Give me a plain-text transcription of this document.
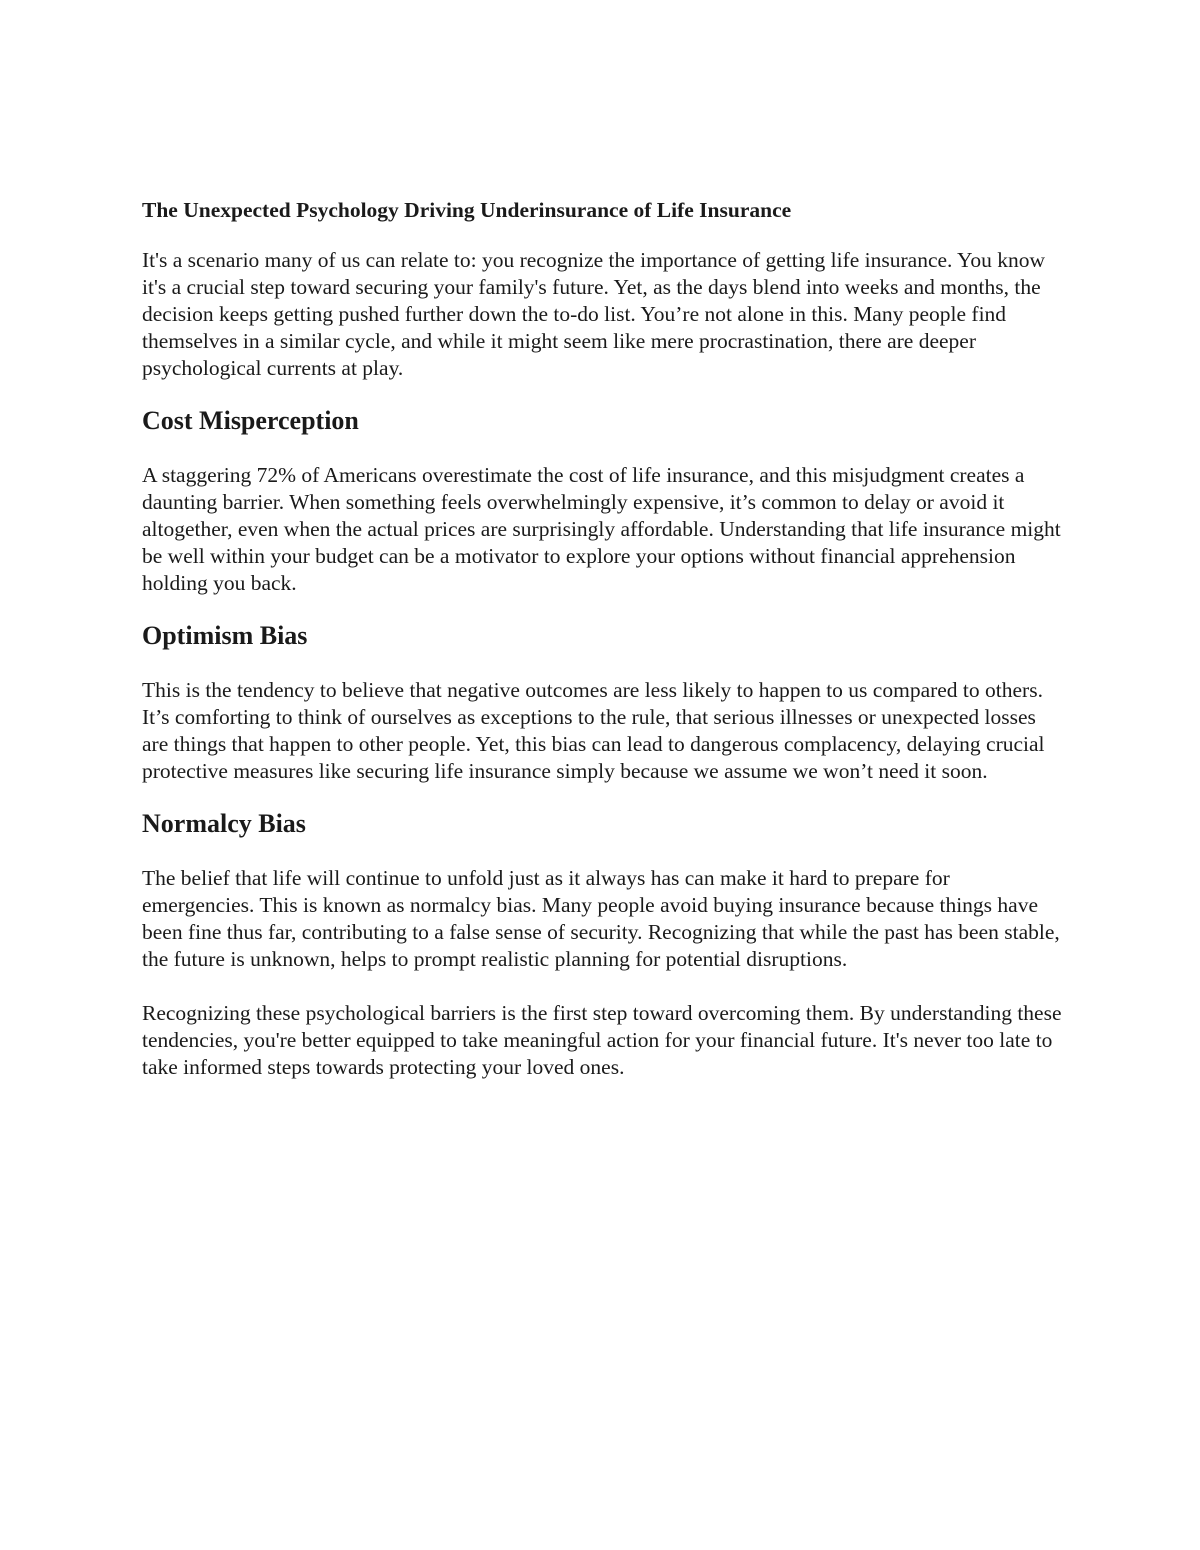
The Unexpected Psychology Driving Underinsurance of Life Insurance

It's a scenario many of us can relate to: you recognize the importance of getting life insurance. You know it's a crucial step toward securing your family's future. Yet, as the days blend into weeks and months, the decision keeps getting pushed further down the to-do list. You’re not alone in this. Many people find themselves in a similar cycle, and while it might seem like mere procrastination, there are deeper psychological currents at play.

Cost Misperception

A staggering 72% of Americans overestimate the cost of life insurance, and this misjudgment creates a daunting barrier. When something feels overwhelmingly expensive, it’s common to delay or avoid it altogether, even when the actual prices are surprisingly affordable. Understanding that life insurance might be well within your budget can be a motivator to explore your options without financial apprehension holding you back.

Optimism Bias

This is the tendency to believe that negative outcomes are less likely to happen to us compared to others. It’s comforting to think of ourselves as exceptions to the rule, that serious illnesses or unexpected losses are things that happen to other people. Yet, this bias can lead to dangerous complacency, delaying crucial protective measures like securing life insurance simply because we assume we won’t need it soon.

Normalcy Bias

The belief that life will continue to unfold just as it always has can make it hard to prepare for emergencies. This is known as normalcy bias. Many people avoid buying insurance because things have been fine thus far, contributing to a false sense of security. Recognizing that while the past has been stable, the future is unknown, helps to prompt realistic planning for potential disruptions.

Recognizing these psychological barriers is the first step toward overcoming them. By understanding these tendencies, you're better equipped to take meaningful action for your financial future. It's never too late to take informed steps towards protecting your loved ones.
